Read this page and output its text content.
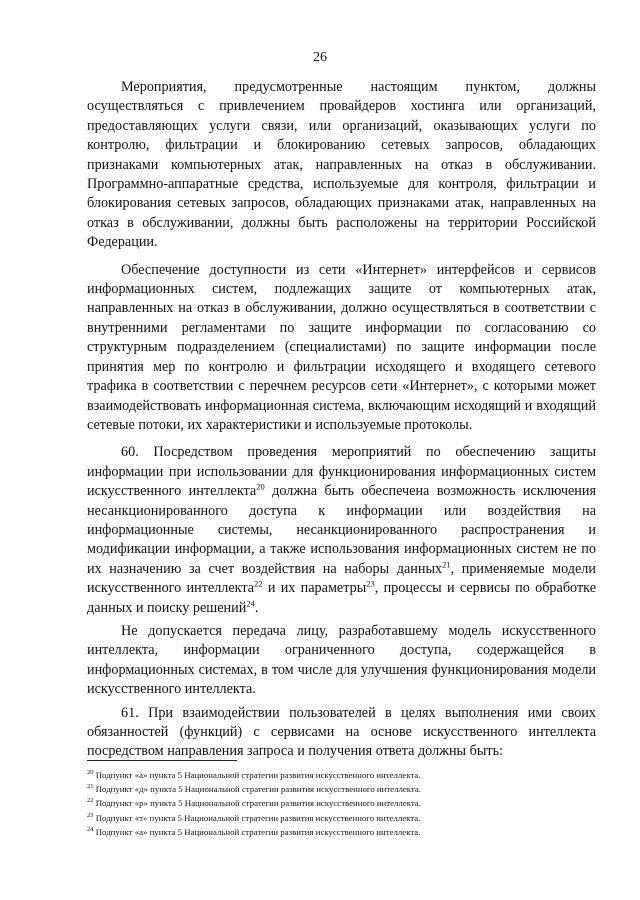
26

Мероприятия, предусмотренные настоящим пунктом, должны осуществляться с привлечением провайдеров хостинга или организаций, предоставляющих услуги связи, или организаций, оказывающих услуги по контролю, фильтрации и блокированию сетевых запросов, обладающих признаками компьютерных атак, направленных на отказ в обслуживании. Программно-аппаратные средства, используемые для контроля, фильтрации и блокирования сетевых запросов, обладающих признаками атак, направленных на отказ в обслуживании, должны быть расположены на территории Российской Федерации.

Обеспечение доступности из сети «Интернет» интерфейсов и сервисов информационных систем, подлежащих защите от компьютерных атак, направленных на отказ в обслуживании, должно осуществляться в соответствии с внутренними регламентами по защите информации по согласованию со структурным подразделением (специалистами) по защите информации после принятия мер по контролю и фильтрации исходящего и входящего сетевого трафика в соответствии с перечнем ресурсов сети «Интернет», с которыми может взаимодействовать информационная система, включающим исходящий и входящий сетевые потоки, их характеристики и используемые протоколы.

60. Посредством проведения мероприятий по обеспечению защиты информации при использовании для функционирования информационных систем искусственного интеллекта$^{20}$ должна быть обеспечена возможность исключения несанкционированного доступа к информации или воздействия на информационные системы, несанкционированного распространения и модификации информации, а также использования информационных систем не по их назначению за счет воздействия на наборы данных$^{21}$, применяемые модели искусственного интеллекта$^{22}$ и их параметры$^{23}$, процессы и сервисы по обработке данных и поиску решений$^{24}$.

Не допускается передача лицу, разработавшему модель искусственного интеллекта, информации ограниченного доступа, содержащейся в информационных системах, в том числе для улучшения функционирования модели искусственного интеллекта.

61. При взаимодействии пользователей в целях выполнения ими своих обязанностей (функций) с сервисами на основе искусственного интеллекта посредством направления запроса и получения ответа должны быть:

$^{20}$ Подпункт «а» пункта 5 Национальной стратегии развития искусственного интеллекта.
$^{21}$ Подпункт «д» пункта 5 Национальной стратегии развития искусственного интеллекта.
$^{22}$ Подпункт «р» пункта 5 Национальной стратегии развития искусственного интеллекта.
$^{23}$ Подпункт «т» пункта 5 Национальной стратегии развития искусственного интеллекта.
$^{24}$ Подпункт «а» пункта 5 Национальной стратегии развития искусственного интеллекта.
